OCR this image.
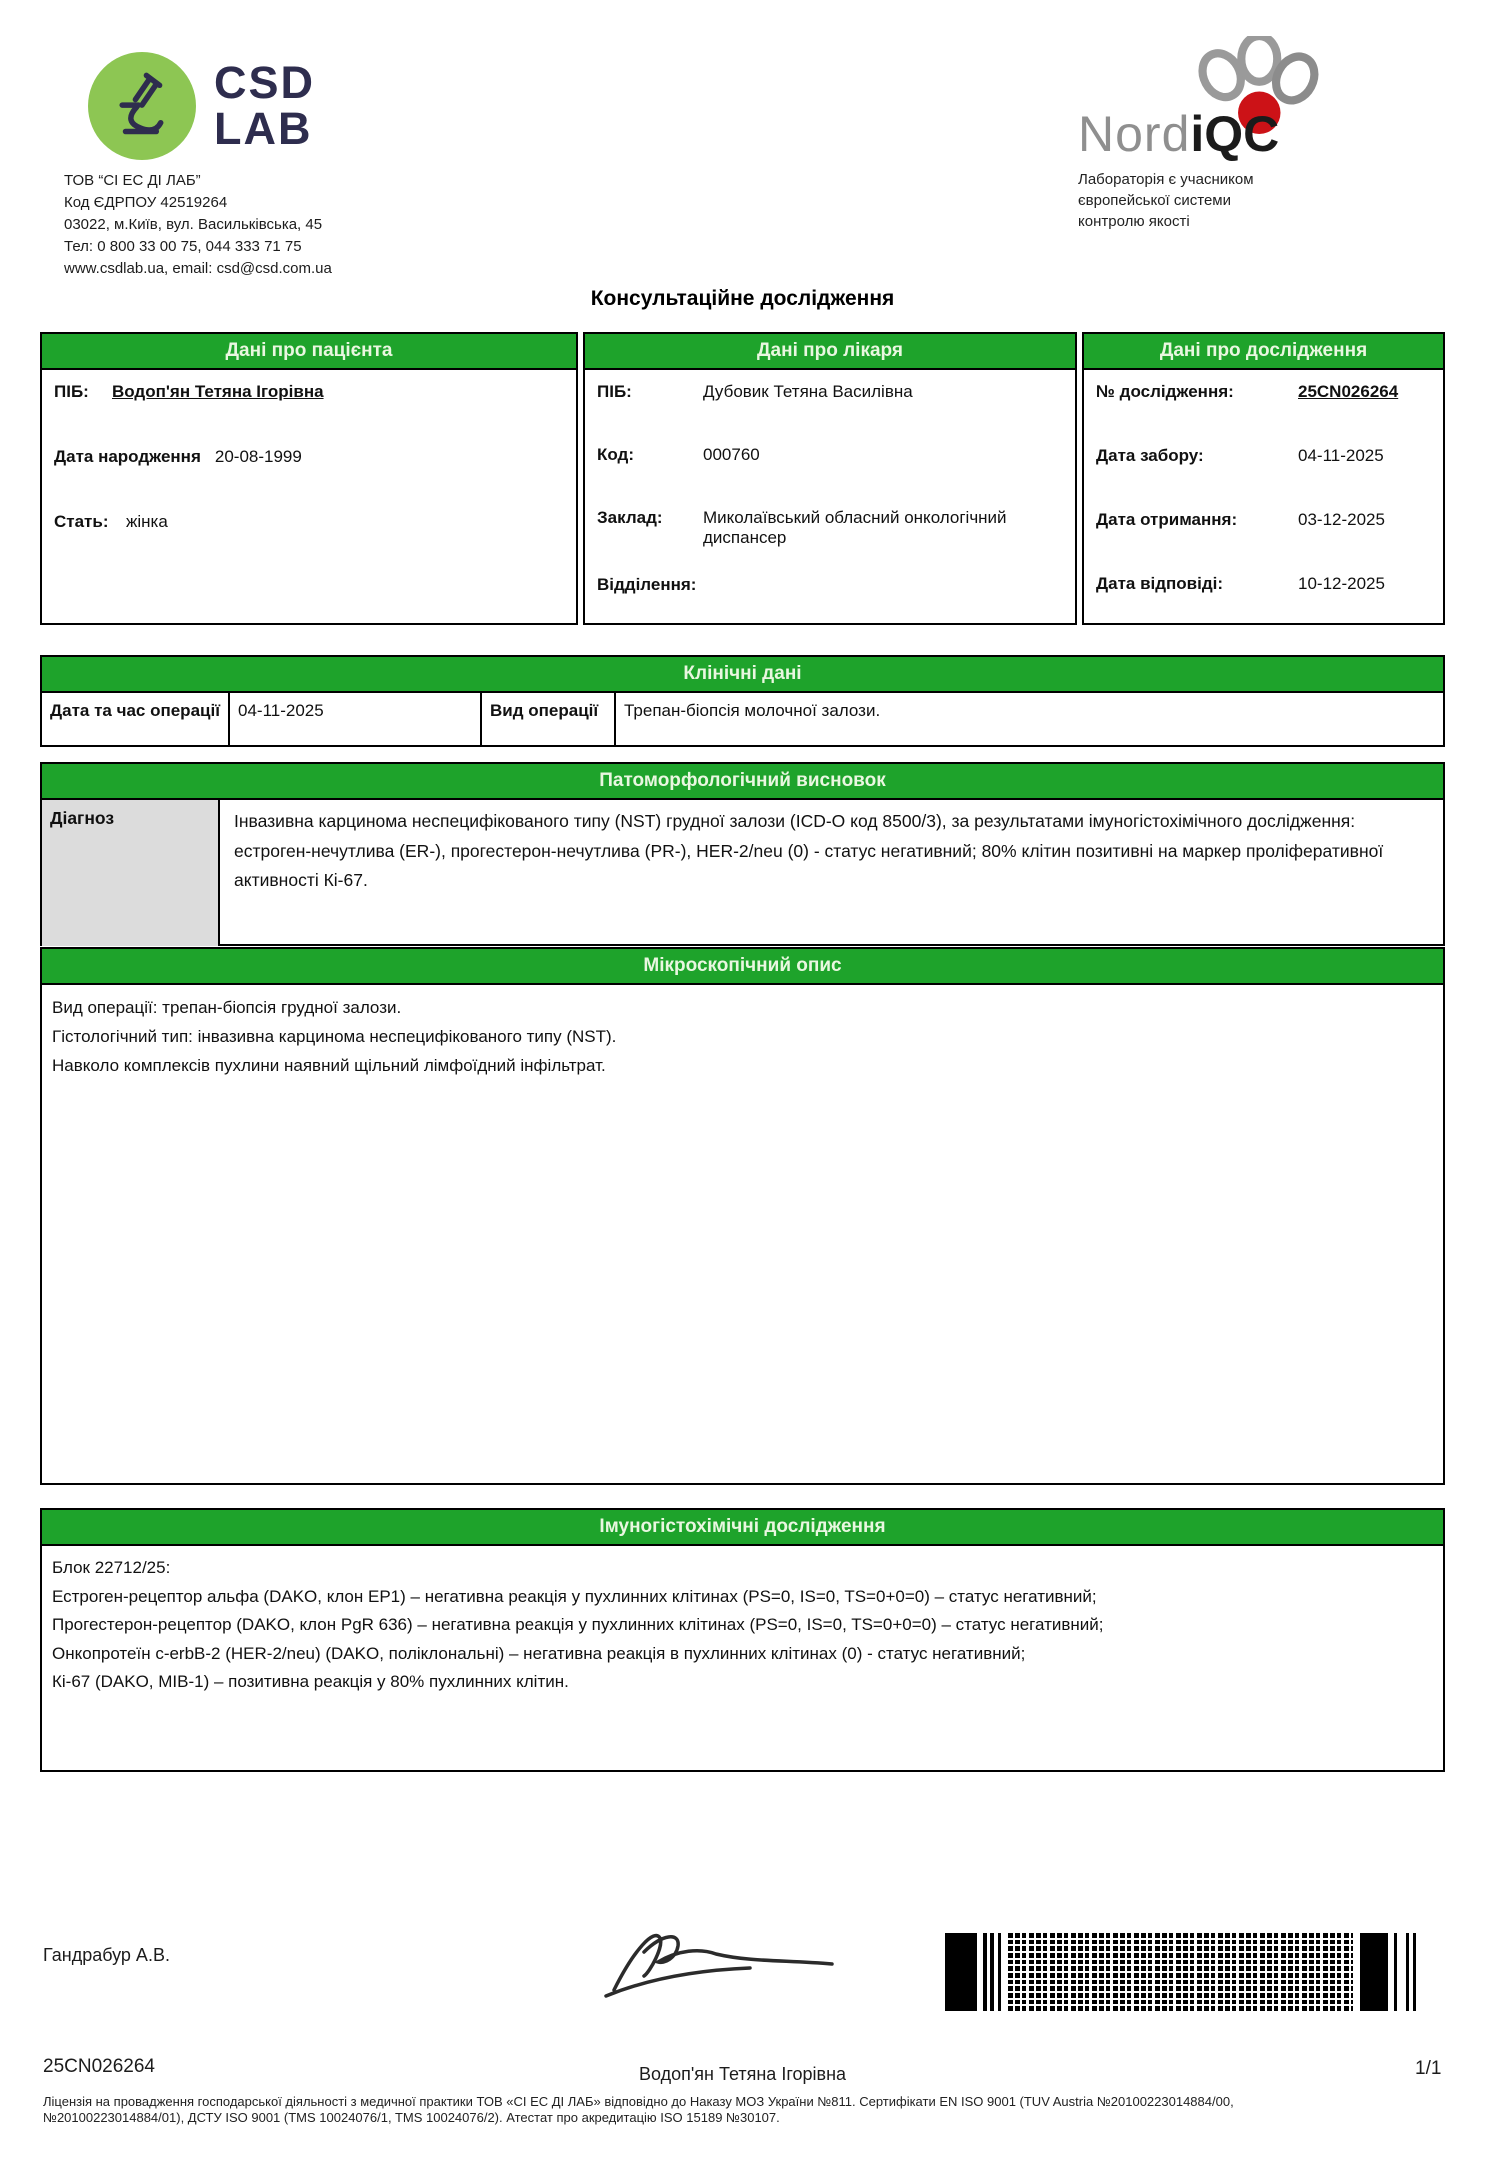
CSD
LAB
ТОВ “СІ ЕС ДІ ЛАБ”
Код ЄДРПОУ 42519264
03022, м.Київ, вул. Васильківська, 45
Тел: 0 800 33 00 75, 044 333 71 75
www.csdlab.ua, email: csd@csd.com.ua
NordiQC
Лабораторія є учасником
європейської системи
контролю якості
Консультаційне дослідження
Дані про пацієнта
ПІБ:	Водоп'ян Тетяна Ігорівна
Дата народження 20-08-1999
Стать:	жінка
Дані про лікаря
ПІБ:	Дубовик Тетяна Василівна
Код:	000760
Заклад:	Миколаївський обласний онкологічний диспансер
Відділення:
Дані про дослідження
№ дослідження:	25CN026264
Дата забору:	04-11-2025
Дата отримання:	03-12-2025
Дата відповіді:	10-12-2025
Клінічні дані
Дата та час операції	04-11-2025	Вид операції	Трепан-біопсія молочної залози.
Патоморфологічний висновок
Діагноз	Інвазивна карцинома неспецифікованого типу (NST) грудної залози (ICD-O код 8500/3), за результатами імуногістохімічного дослідження: естроген-нечутлива (ER-), прогестерон-нечутлива (PR-), HER-2/neu (0) - статус негативний; 80% клітин позитивні на маркер проліферативної активності Кі-67.
Мікроскопічний опис
Вид операції: трепан-біопсія грудної залози.
Гістологічний тип: інвазивна карцинома неспецифікованого типу (NST).
Навколо комплексів пухлини наявний щільний лімфоїдний інфільтрат.
Імуногістохімічні дослідження
Блок 22712/25:
Естроген-рецептор альфа (DAKO, клон EP1) – негативна реакція у пухлинних клітинах (PS=0, IS=0, TS=0+0=0) – статус негативний;
Прогестерон-рецептор (DAKO, клон PgR 636) – негативна реакція у пухлинних клітинах (PS=0, IS=0, TS=0+0=0) – статус негативний;
Онкопротеїн c-erbB-2 (HER-2/neu) (DAKO, поліклональні) – негативна реакція в пухлинних клітинах (0) - статус негативний;
Кі-67 (DAKO, MIB-1) – позитивна реакція у 80% пухлинних клітин.
Гандрабур А.В.
25CN026264	Водоп'ян Тетяна Ігорівна	1/1
Ліцензія на провадження господарської діяльності з медичної практики ТОВ «СІ ЕС ДІ ЛАБ» відповідно до Наказу МОЗ України №811. Сертифікати EN ISO 9001 (TUV Austria №20100223014884/00,
№20100223014884/01), ДСТУ ISO 9001 (TMS 10024076/1, TMS 10024076/2). Атестат про акредитацію ISO 15189 №30107.
